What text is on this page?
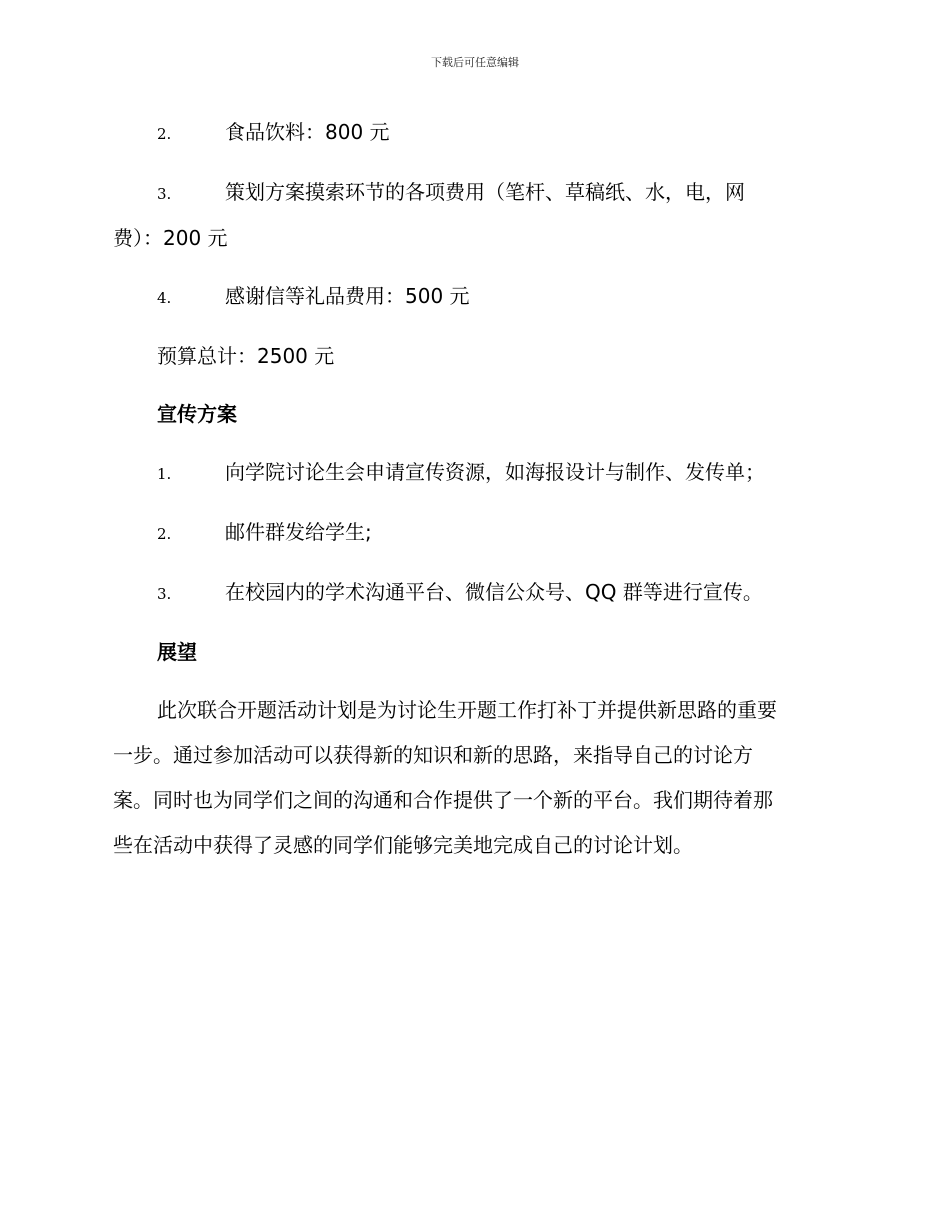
下载后可任意编辑
2.	食品饮料：800 元
3.	策划方案摸索环节的各项费用（笔杆、草稿纸、水，电，网
费）：200 元
4.	感谢信等礼品费用：500 元
预算总计：2500 元
宣传方案
1.	向学院讨论生会申请宣传资源，如海报设计与制作、发传单；
2.	邮件群发给学生;
3.	在校园内的学术沟通平台、微信公众号、QQ 群等进行宣传。
展望
此次联合开题活动计划是为讨论生开题工作打补丁并提供新思路的重要
一步。通过参加活动可以获得新的知识和新的思路，来指导自己的讨论方
案。同时也为同学们之间的沟通和合作提供了一个新的平台。我们期待着那
些在活动中获得了灵感的同学们能够完美地完成自己的讨论计划。
